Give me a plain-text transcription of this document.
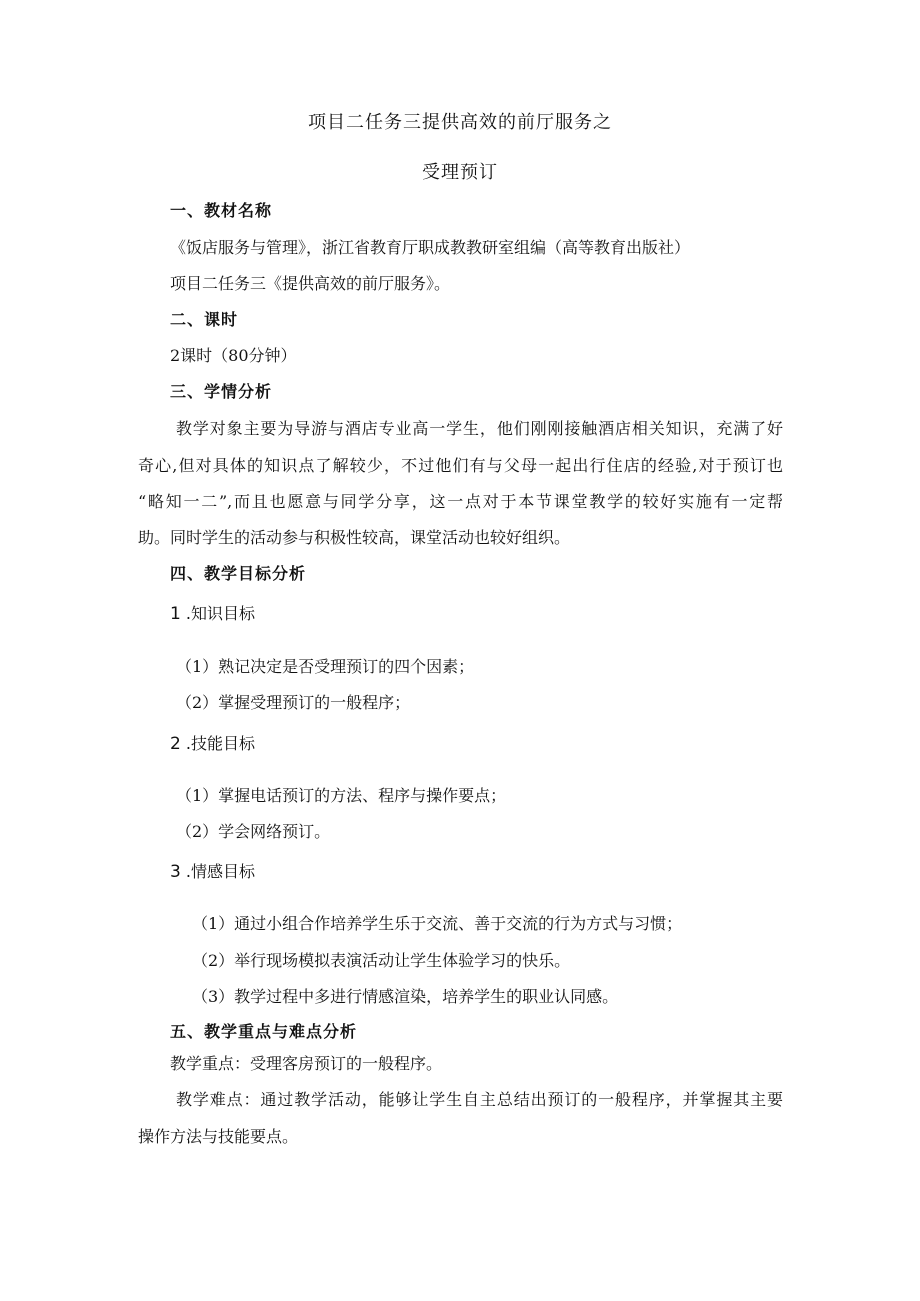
项目二任务三提供高效的前厅服务之
受理预订
一、教材名称
《饭店服务与管理》，浙江省教育厅职成教教研室组编（高等教育出版社）
项目二任务三《提供高效的前厅服务》。
二、课时
2课时（80分钟）
三、学情分析
教学对象主要为导游与酒店专业高一学生，他们刚刚接触酒店相关知识，充满了好
奇心,但对具体的知识点了解较少，不过他们有与父母一起出行住店的经验,对于预订也
“略知一二”,而且也愿意与同学分享，这一点对于本节课堂教学的较好实施有一定帮
助。同时学生的活动参与积极性较高，课堂活动也较好组织。
四、教学目标分析
1 .知识目标
（1）熟记决定是否受理预订的四个因素；
（2）掌握受理预订的一般程序；
2 .技能目标
（1）掌握电话预订的方法、程序与操作要点；
（2）学会网络预订。
3 .情感目标
（1）通过小组合作培养学生乐于交流、善于交流的行为方式与习惯；
（2）举行现场模拟表演活动让学生体验学习的快乐。
（3）教学过程中多进行情感渲染，培养学生的职业认同感。
五、教学重点与难点分析
教学重点：受理客房预订的一般程序。
教学难点：通过教学活动，能够让学生自主总结出预订的一般程序，并掌握其主要
操作方法与技能要点。
